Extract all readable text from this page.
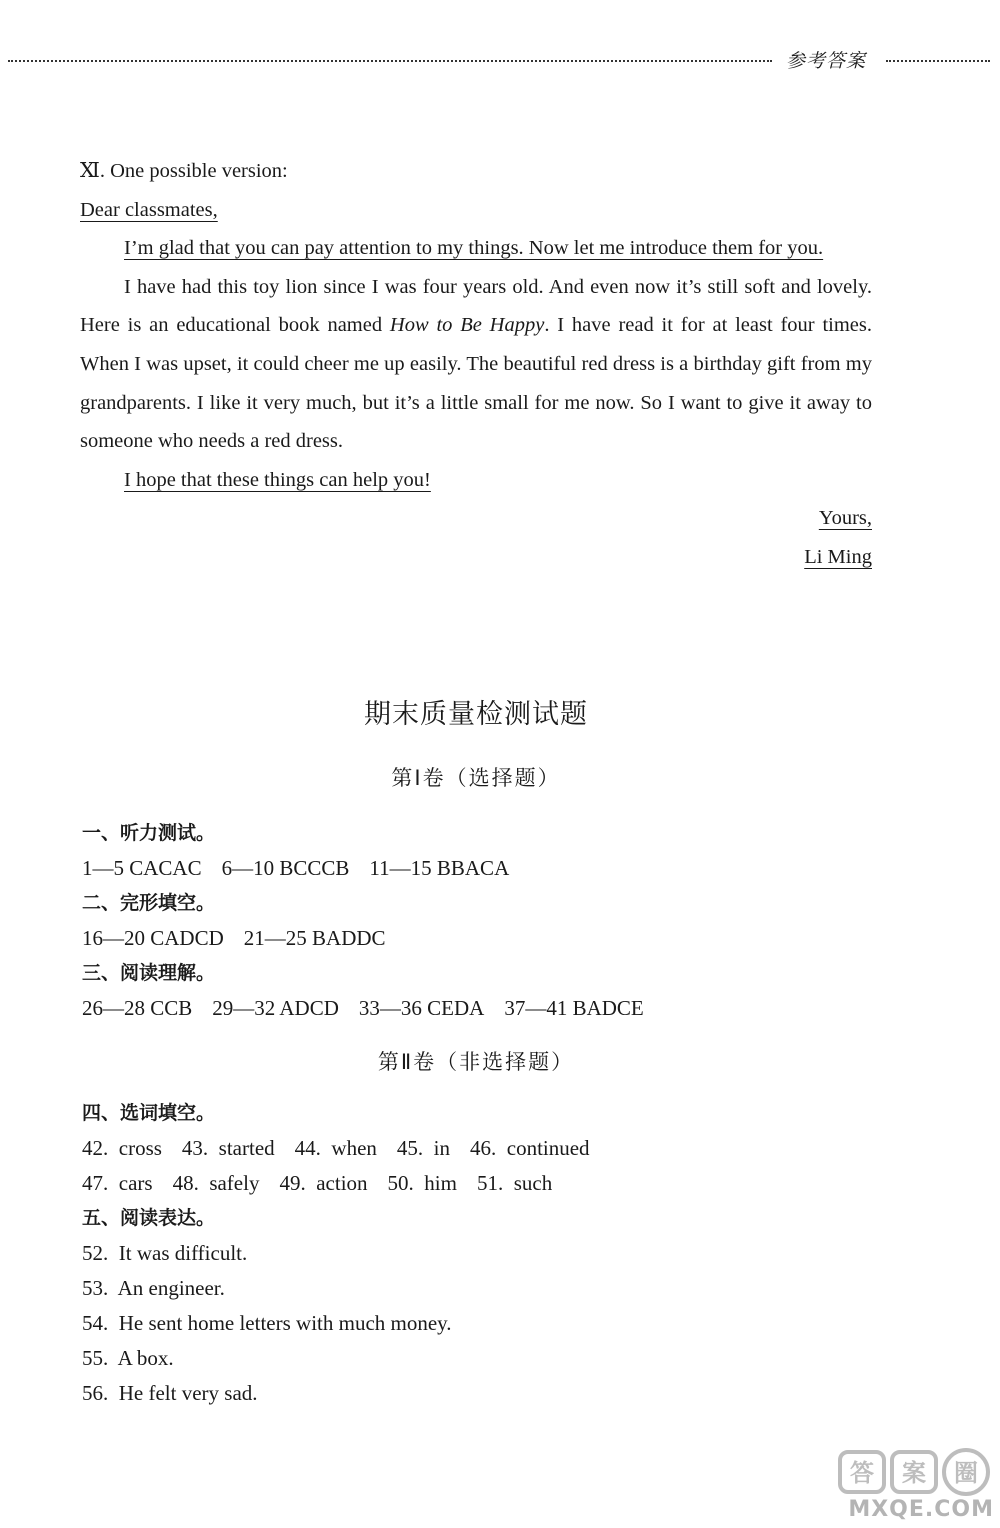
参考答案

Ⅺ. One possible version:

Dear classmates,

I’m glad that you can pay attention to my things. Now let me introduce them for you.

I have had this toy lion since I was four years old. And even now it’s still soft and lovely. Here is an educational book named How to Be Happy. I have read it for at least four times. When I was upset, it could cheer me up easily. The beautiful red dress is a birthday gift from my grandparents. I like it very much, but it’s a little small for me now. So I want to give it away to someone who needs a red dress.

I hope that these things can help you!

Yours,

Li Ming

期末质量检测试题
第Ⅰ卷（选择题）
一、听力测试。
1—5 CACAC 6—10 BCCCB 11—15 BBACA
二、完形填空。
16—20 CADCD 21—25 BADDC
三、阅读理解。
26—28 CCB 29—32 ADCD 33—36 CEDA 37—41 BADCE
第Ⅱ卷（非选择题）
四、选词填空。
42.  cross 43.  started 44.  when 45.  in 46.  continued
47.  cars 48.  safely 49.  action 50.  him 51.  such
五、阅读表达。
52.  It was difficult.
53.  An engineer.
54.  He sent home letters with much money.
55.  A box.
56.  He felt very sad.
答 案 圈
MXQE.COM
